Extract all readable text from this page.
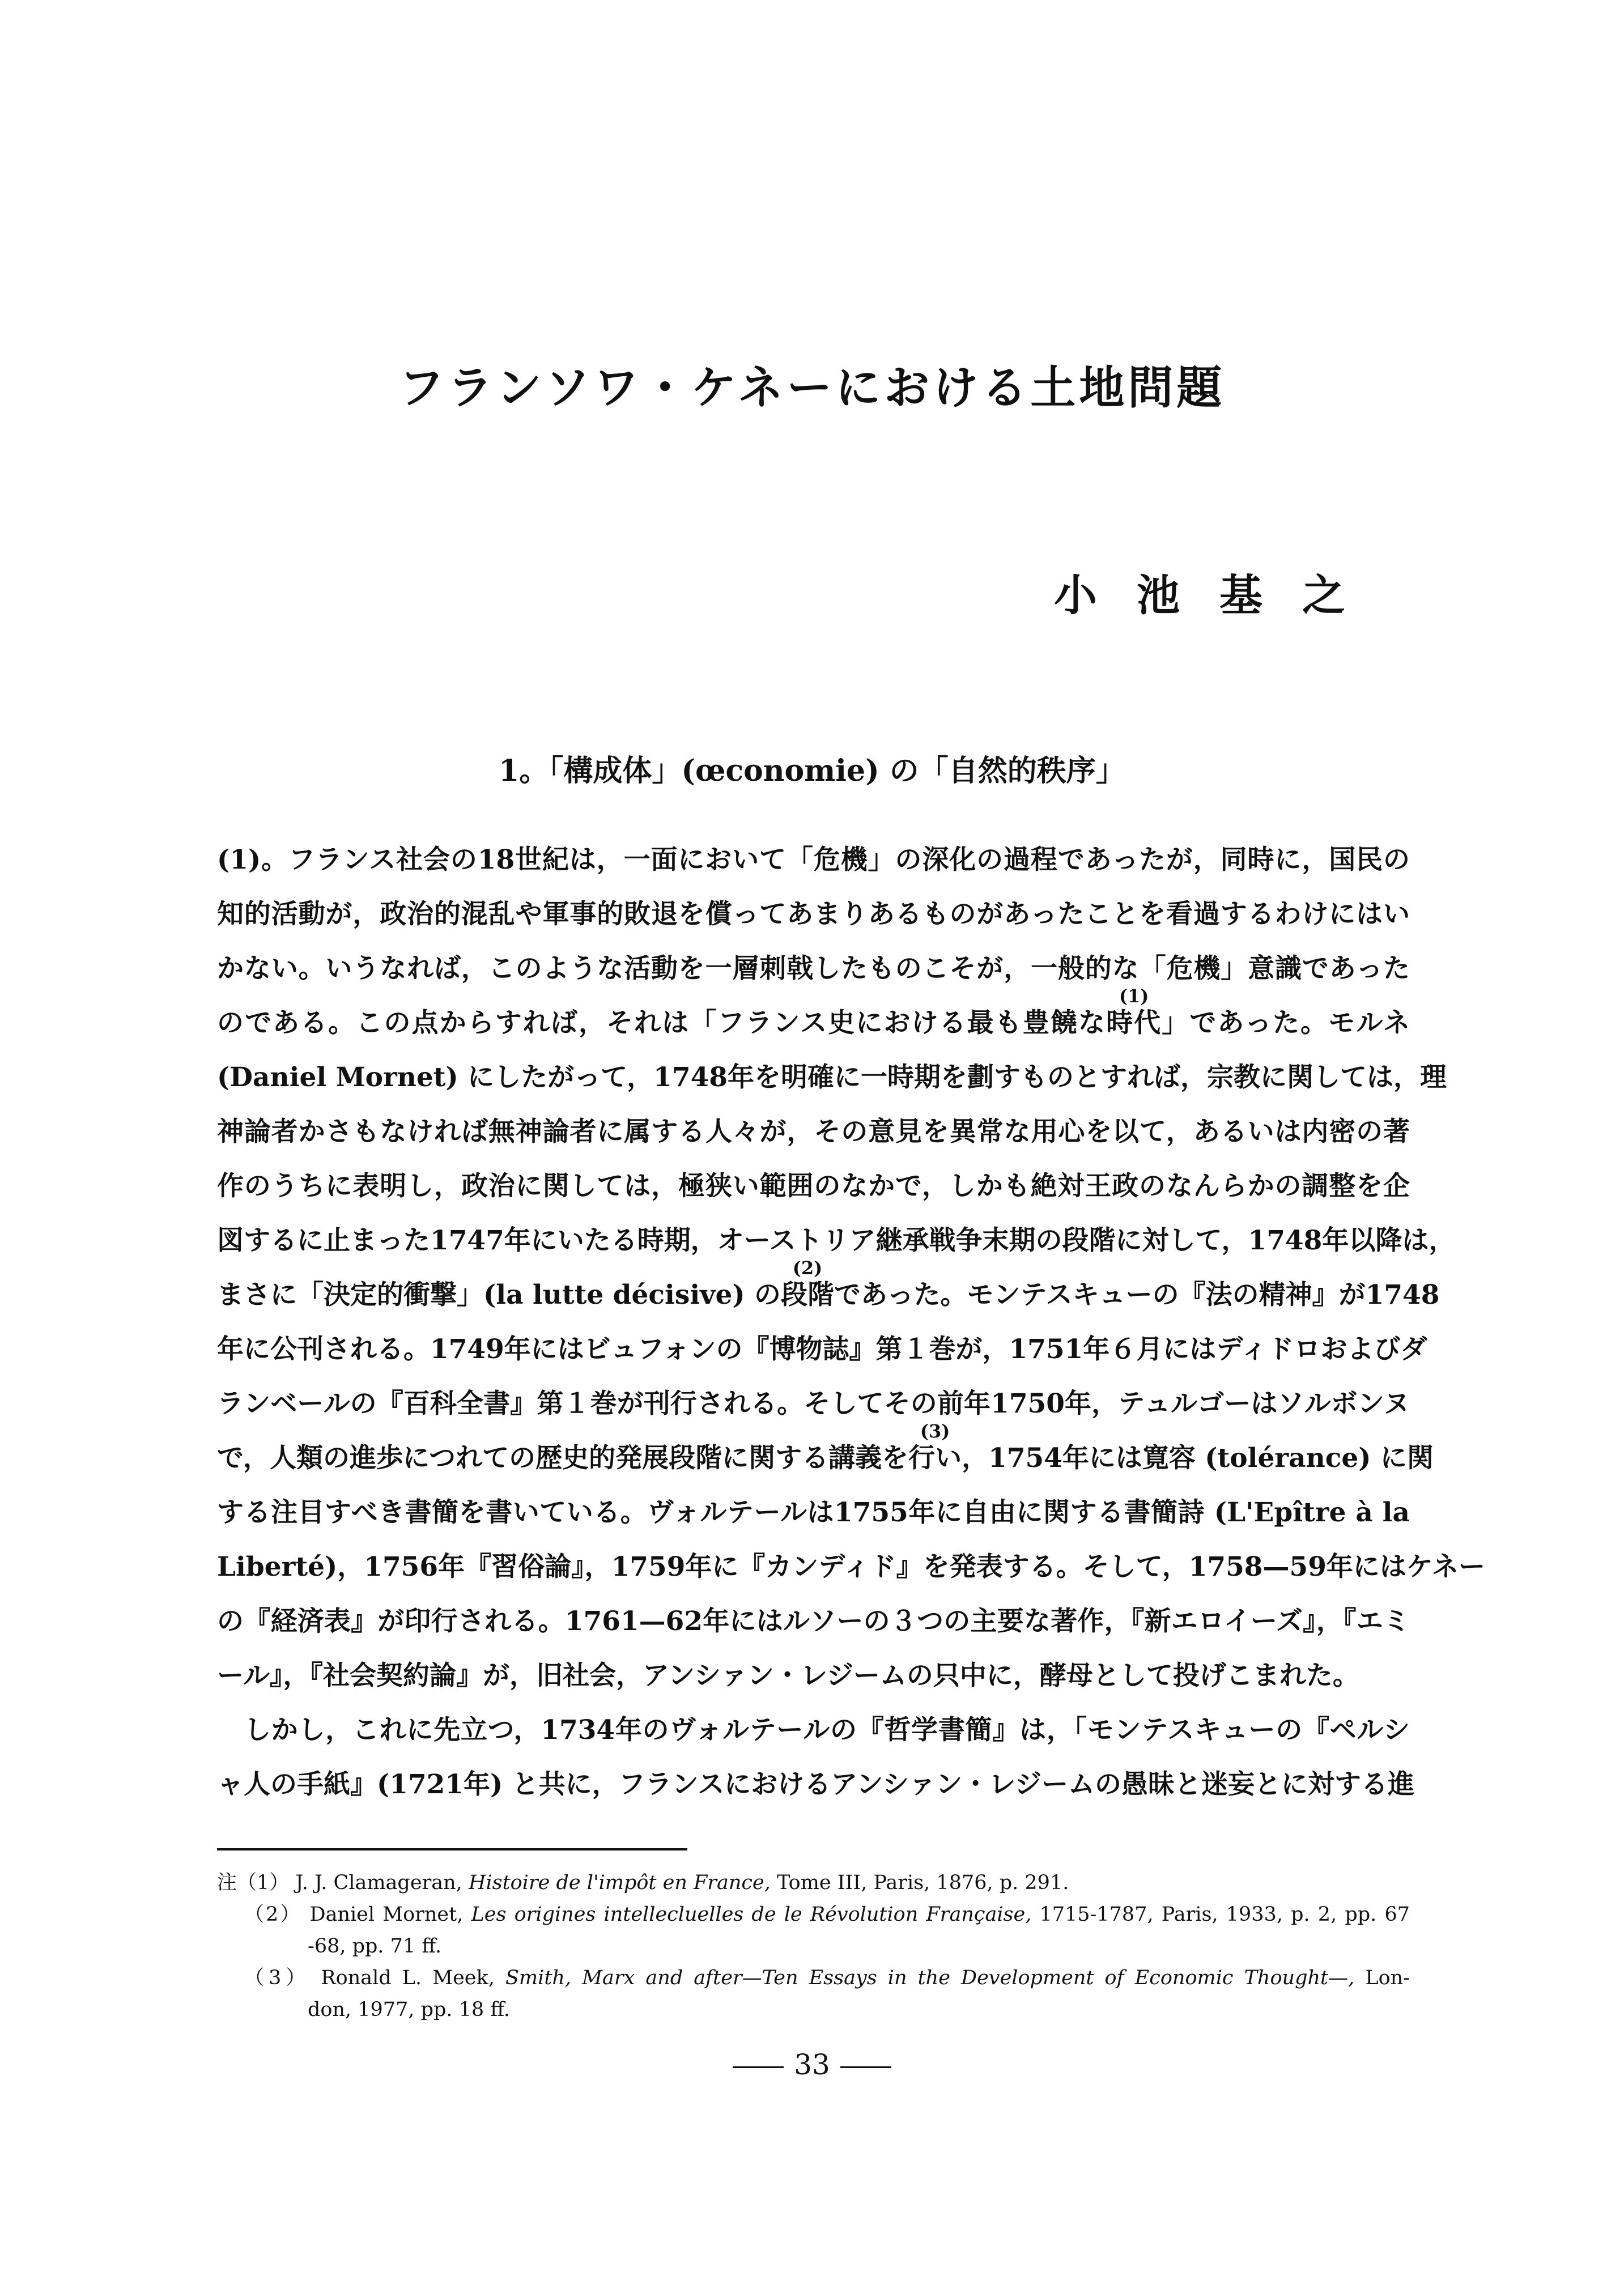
フランソワ・ケネーにおける土地問題
小池基之
1。「構成体」(œconomie) の「自然的秩序」
(1)。フランス社会の18世紀は，一面において「危機」の深化の過程であったが，同時に，国民の
知的活動が，政治的混乱や軍事的敗退を償ってあまりあるものがあったことを看過するわけにはい
かない。いうなれば，このような活動を一層刺戟したものこそが，一般的な「危機」意識であった
のである。この点からすれば，それは「フランス史における最も豊饒な時代
(1)
」であった。モルネ
(Daniel Mornet) にしたがって，1748年を明確に一時期を劃すものとすれば，宗教に関しては，理
神論者かさもなければ無神論者に属する人々が，その意見を異常な用心を以て，あるいは内密の著
作のうちに表明し，政治に関しては，極狭い範囲のなかで，しかも絶対王政のなんらかの調整を企
図するに止まった1747年にいたる時期，オーストリア継承戦争末期の段階に対して，1748年以降は，
まさに「決定的衝撃」(la lutte décisive) の段階
(2)
であった。モンテスキューの『法の精神』が1748
年に公刊される。1749年にはビュフォンの『博物誌』第１巻が，1751年６月にはディドロおよびダ
ランベールの『百科全書』第１巻が刊行される。そしてその前年1750年，テュルゴーはソルボンヌ
で，人類の進歩につれての歴史的発展段階に関する講義を行い
(3)
，1754年には寛容 (tolérance) に関
する注目すべき書簡を書いている。ヴォルテールは1755年に自由に関する書簡詩 (L'Epître à la
Liberté)，1756年『習俗論』，1759年に『カンディド』を発表する。そして，1758—59年にはケネー
の『経済表』が印行される。1761—62年にはルソーの３つの主要な著作，『新エロイーズ』，『エミ
ール』，『社会契約論』が，旧社会，アンシァン・レジームの只中に，酵母として投げこまれた。
しかし，これに先立つ，1734年のヴォルテールの『哲学書簡』は，「モンテスキューの『ペルシ
ャ人の手紙』(1721年) と共に，フランスにおけるアンシァン・レジームの愚昧と迷妄とに対する進
注（1） J. J. Clamageran, Histoire de l'impôt en France, Tome III, Paris, 1876, p. 291.
（2） Daniel Mornet, Les origines intellecluelles de le Révolution Française, 1715-1787, Paris, 1933, p. 2, pp. 67
-68, pp. 71 ff.
（3） Ronald L. Meek, Smith, Marx and after—Ten Essays in the Development of Economic Thought—, Lon-
don, 1977, pp. 18 ff.
33
